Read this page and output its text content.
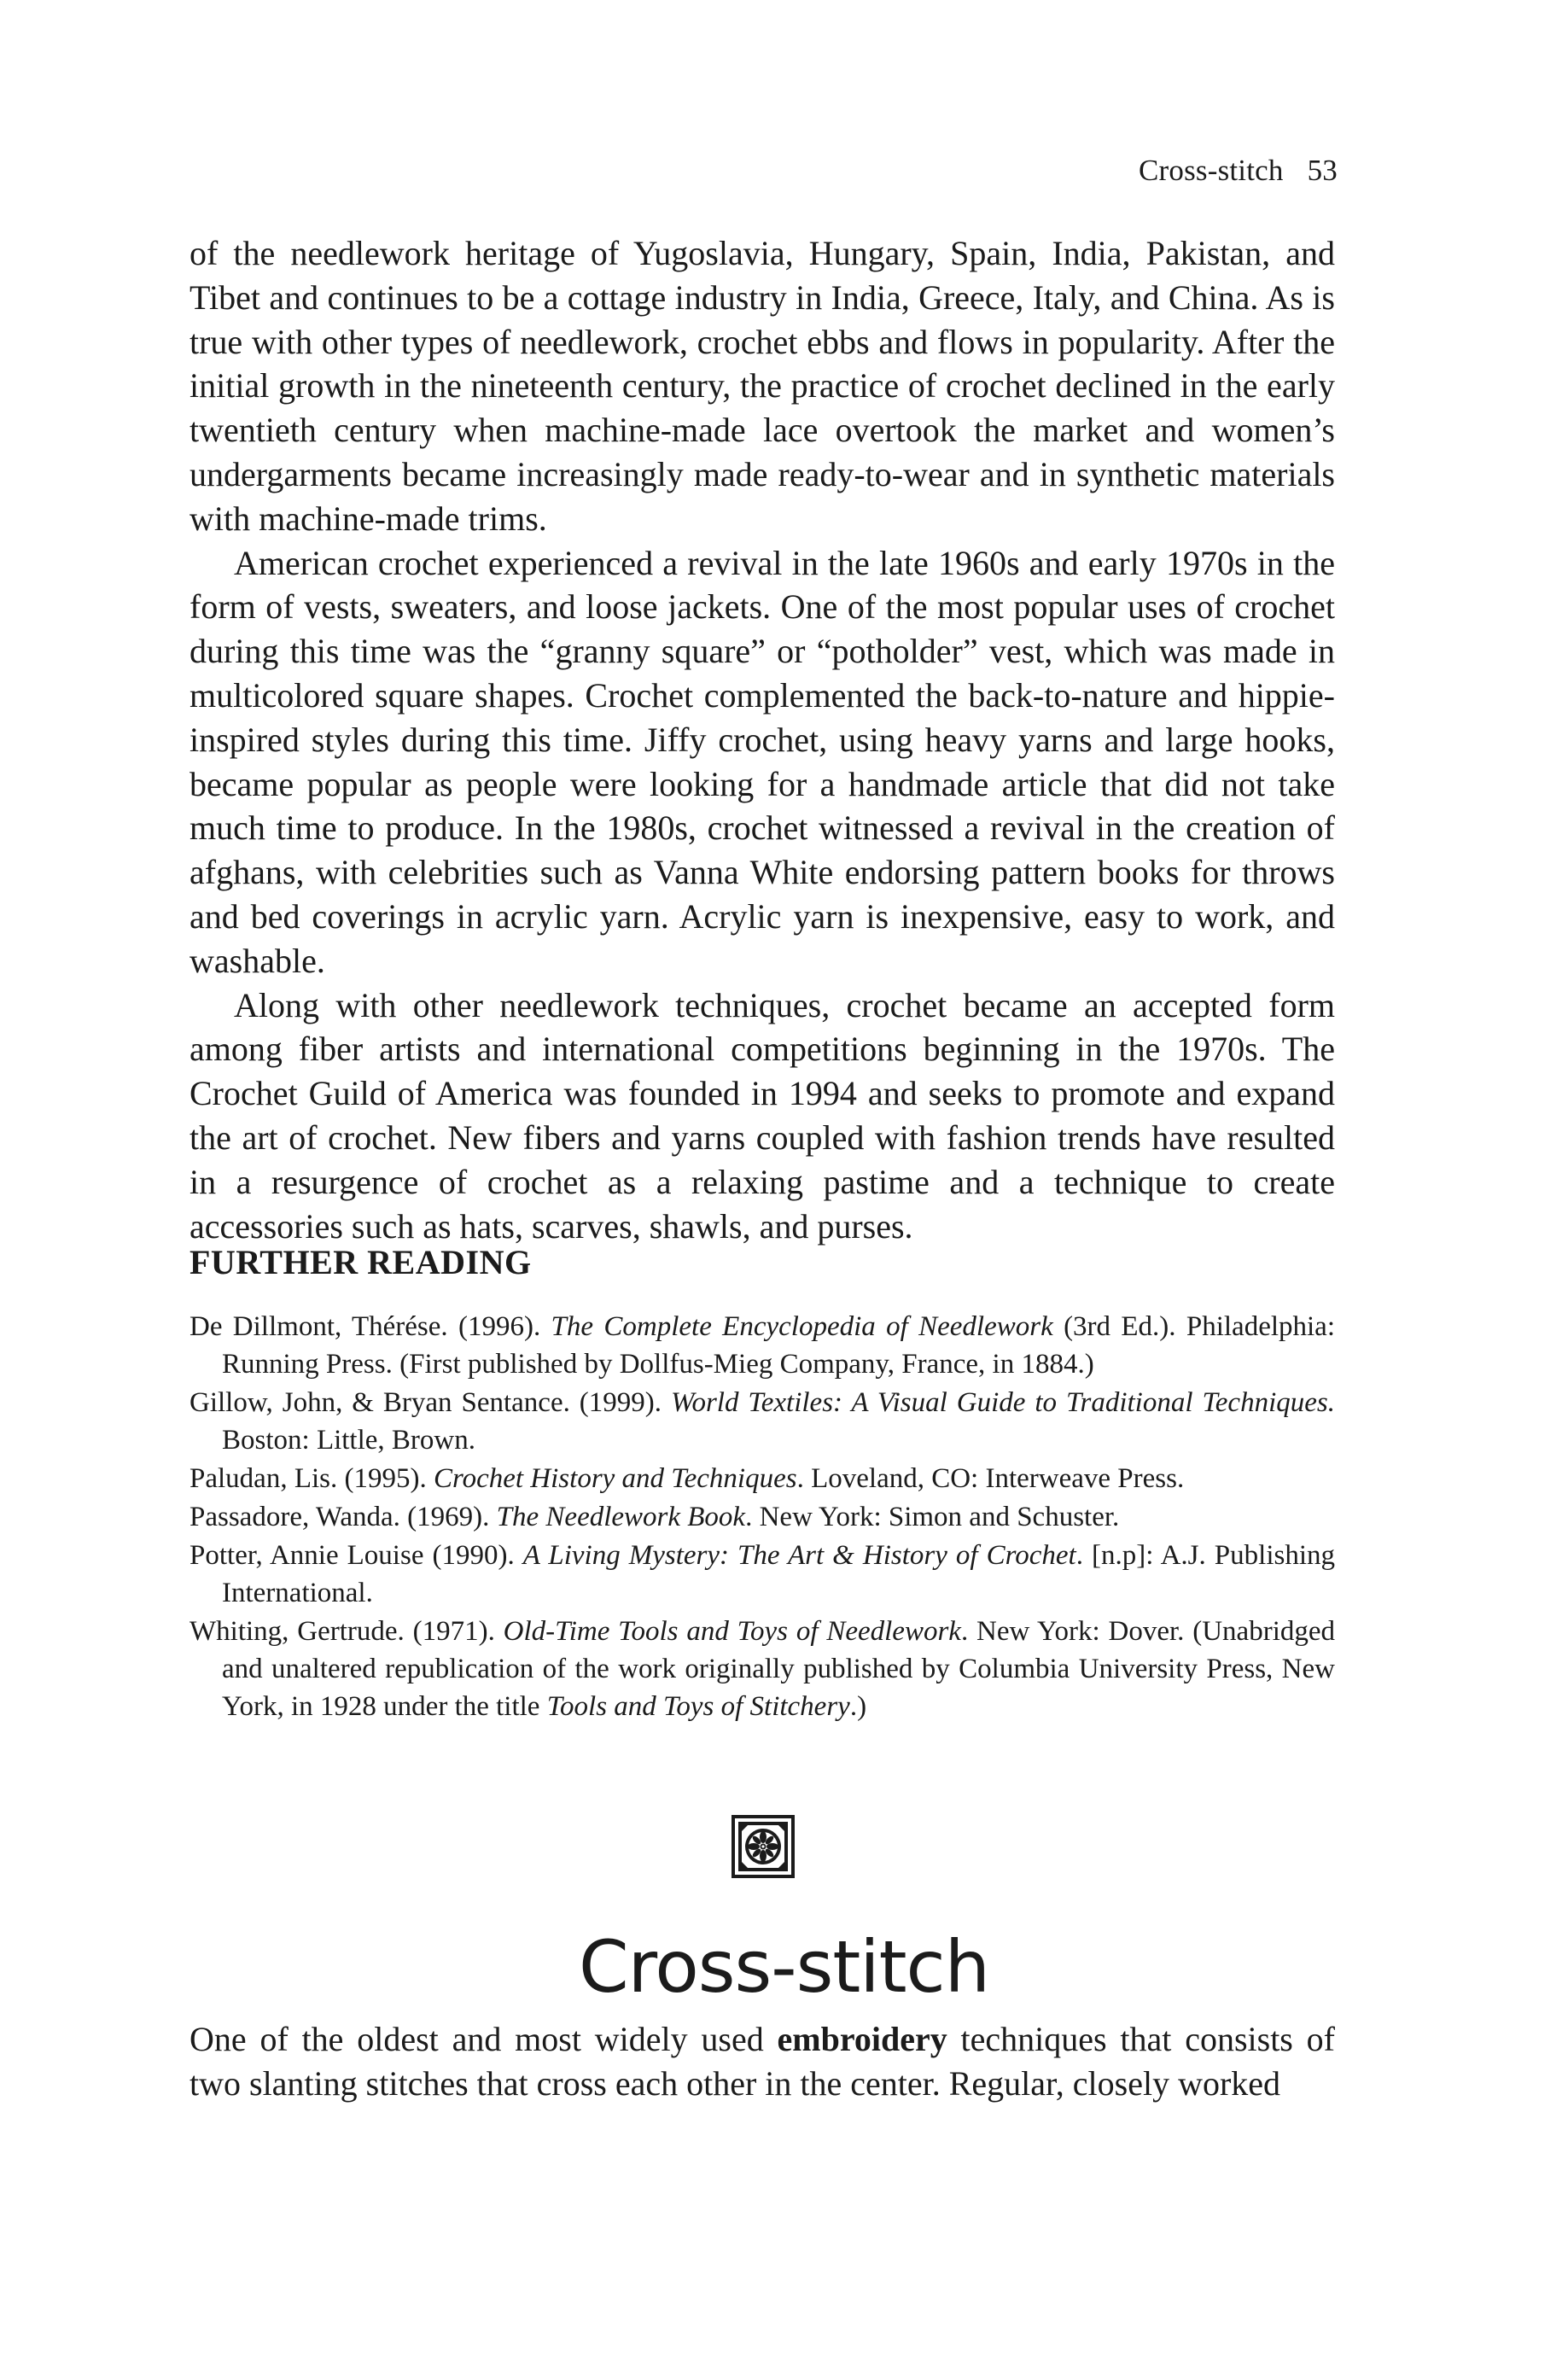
Cross-stitch 53

of the needlework heritage of Yugoslavia, Hungary, Spain, India, Pakistan, and Tibet and continues to be a cottage industry in India, Greece, Italy, and China. As is true with other types of needlework, crochet ebbs and flows in popularity. After the initial growth in the nineteenth century, the practice of crochet declined in the early twentieth century when machine-made lace overtook the market and women’s undergarments became increasingly made ready-to-wear and in synthetic materials with machine-made trims.

American crochet experienced a revival in the late 1960s and early 1970s in the form of vests, sweaters, and loose jackets. One of the most popular uses of crochet during this time was the “granny square” or “potholder” vest, which was made in multicolored square shapes. Crochet complemented the back-to-nature and hippie-inspired styles during this time. Jiffy crochet, using heavy yarns and large hooks, became popular as people were looking for a handmade article that did not take much time to produce. In the 1980s, crochet witnessed a revival in the creation of afghans, with celebrities such as Vanna White endorsing pattern books for throws and bed coverings in acrylic yarn. Acrylic yarn is inexpensive, easy to work, and washable.

Along with other needlework techniques, crochet became an accepted form among fiber artists and international competitions beginning in the 1970s. The Crochet Guild of America was founded in 1994 and seeks to promote and expand the art of crochet. New fibers and yarns coupled with fashion trends have resulted in a resurgence of crochet as a relaxing pastime and a technique to create accessories such as hats, scarves, shawls, and purses.

FURTHER READING
De Dillmont, Thérése. (1996). The Complete Encyclopedia of Needlework (3rd Ed.). Philadelphia: Running Press. (First published by Dollfus-Mieg Company, France, in 1884.)
Gillow, John, & Bryan Sentance. (1999). World Textiles: A Visual Guide to Traditional Techniques. Boston: Little, Brown.
Paludan, Lis. (1995). Crochet History and Techniques. Loveland, CO: Interweave Press.
Passadore, Wanda. (1969). The Needlework Book. New York: Simon and Schuster.
Potter, Annie Louise (1990). A Living Mystery: The Art & History of Crochet. [n.p]: A.J. Publishing International.
Whiting, Gertrude. (1971). Old-Time Tools and Toys of Needlework. New York: Dover. (Unabridged and unaltered republication of the work originally published by Columbia University Press, New York, in 1928 under the title Tools and Toys of Stitchery.)
Cross-stitch

One of the oldest and most widely used embroidery techniques that consists of two slanting stitches that cross each other in the center. Regular, closely worked
